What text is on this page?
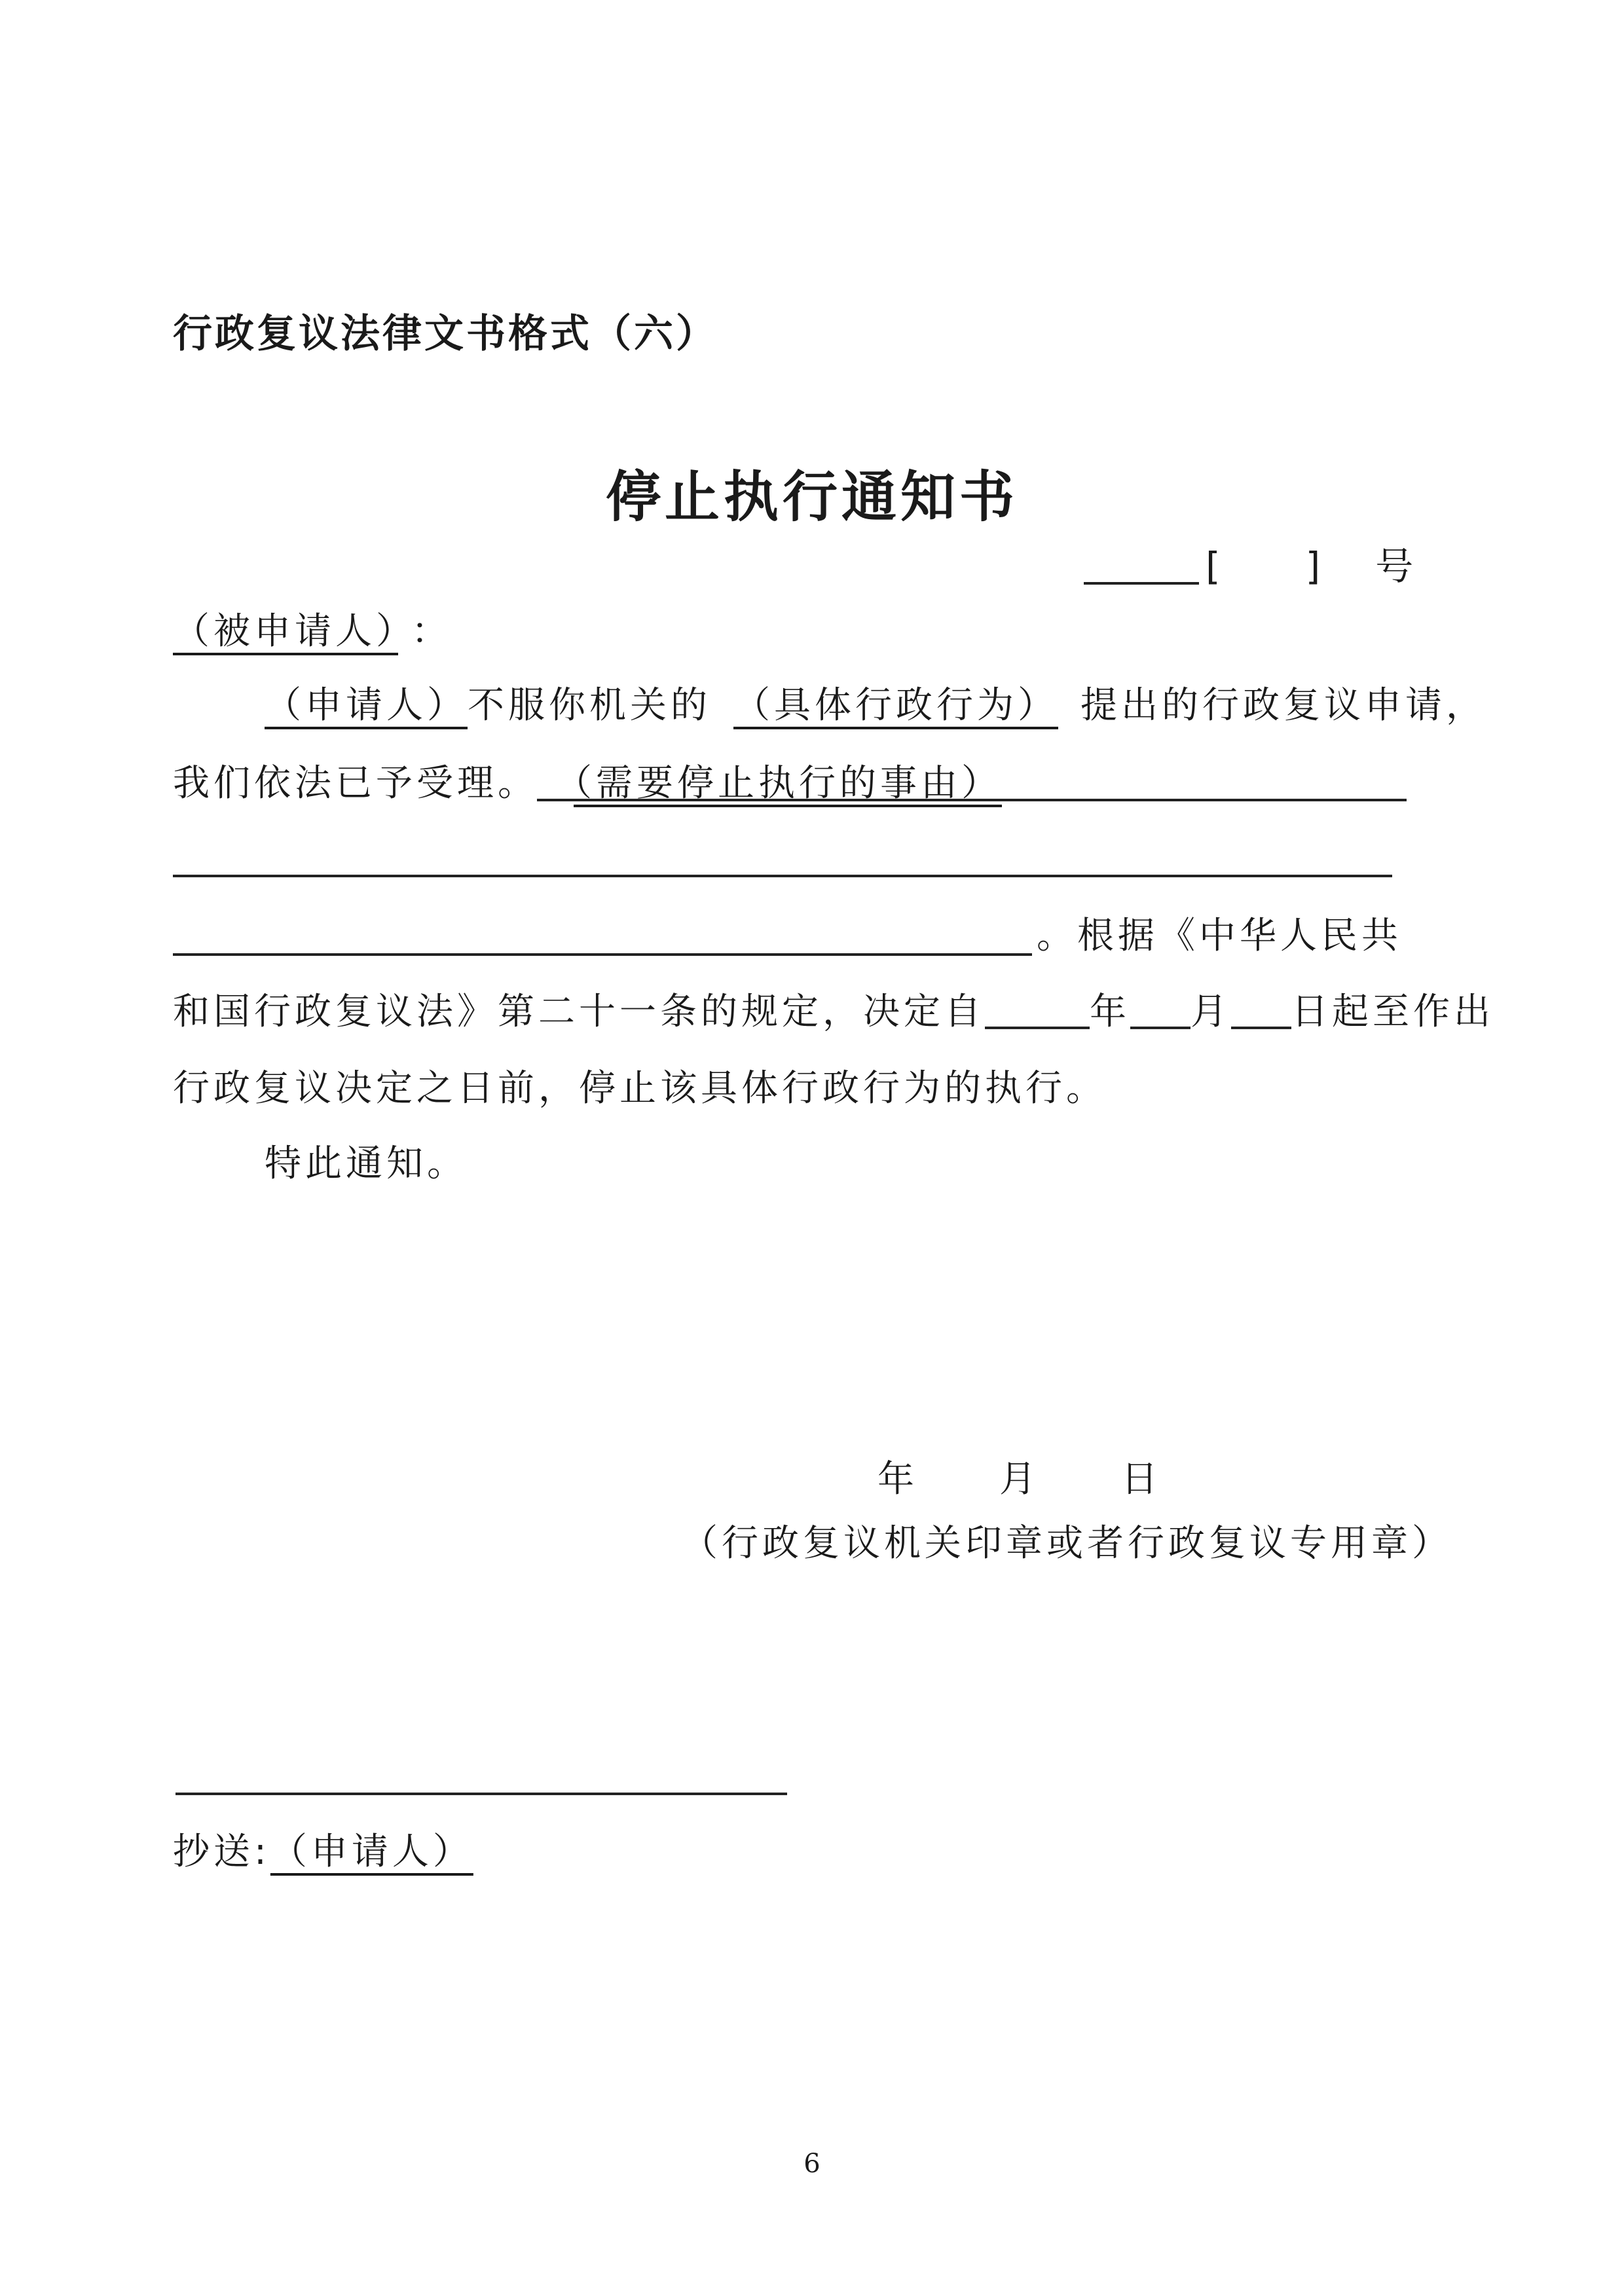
行政复议法律文书格式（六）
停止执行通知书
[ ] 号
（被申请人） ：
（申请人）不服你机关的 （具体行政行为） 提出的行政复议申请，
我们依法已予受理。 （需要停止执行的事由）
。根据《中华人民共
和国行政复议法》第二十一条的规定，决定自	年 月 日起至作出
行政复议决定之日前，停止该具体行政行为的执行。
特此通知。
年 月 日
（行政复议机关印章或者行政复议专用章）
抄送:（申请人）
6
